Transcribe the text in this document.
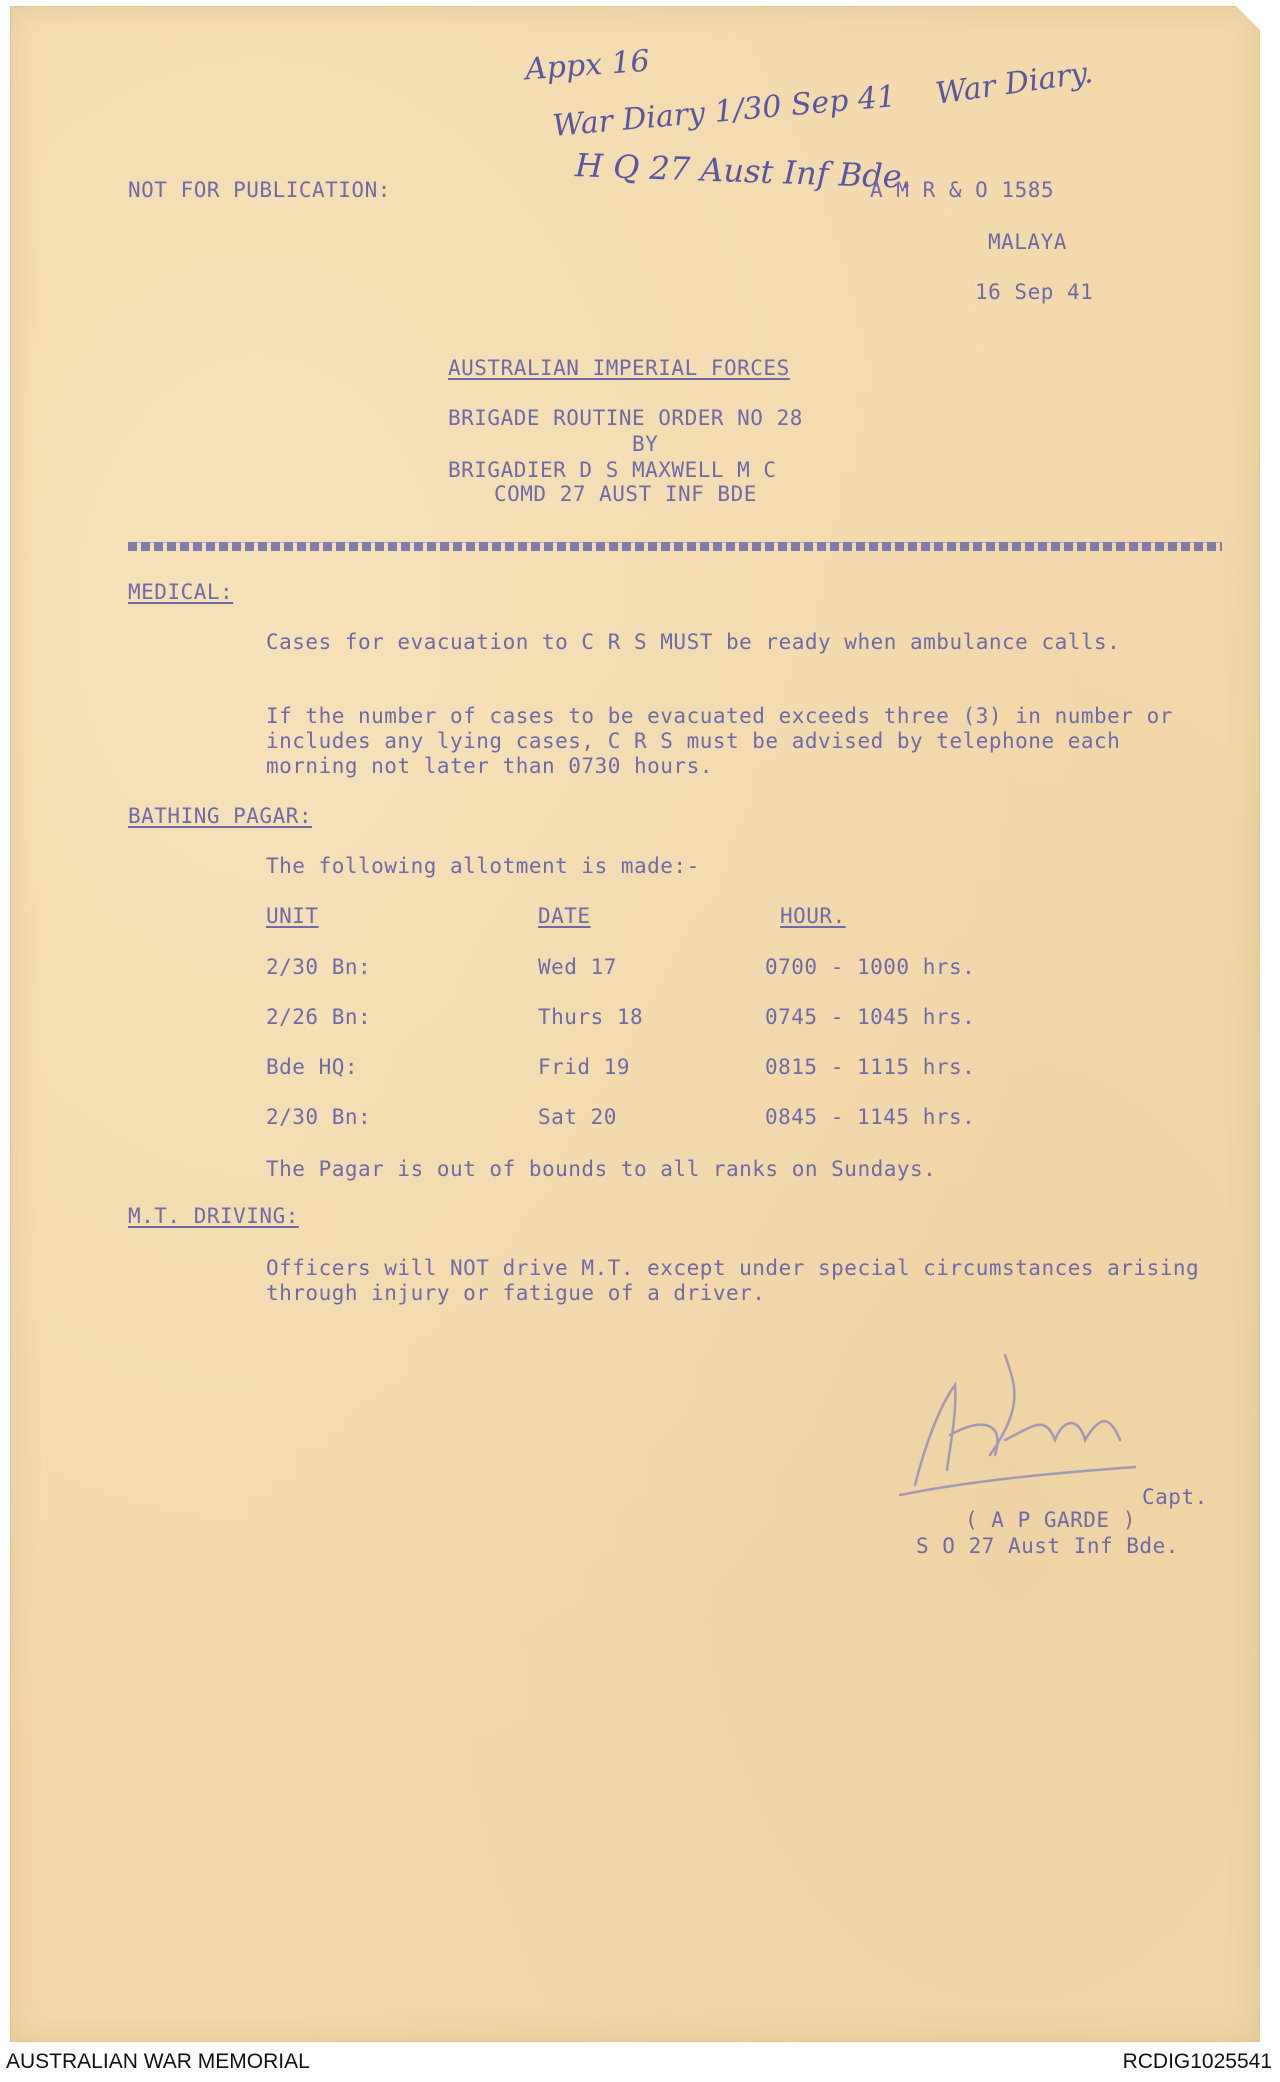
Appx 16
War Diary 1/30 Sep 41 War Diary.
H Q 27 Aust Inf Bde.
NOT FOR PUBLICATION:	A M R & O 1585
MALAYA
16 Sep 41
AUSTRALIAN IMPERIAL FORCES
BRIGADE ROUTINE ORDER NO 28
BY
BRIGADIER D S MAXWELL M C
COMD 27 AUST INF BDE
MEDICAL:
Cases for evacuation to C R S MUST be ready when ambulance calls.
If the number of cases to be evacuated exceeds three (3) in number or includes any lying cases, C R S must be advised by telephone each morning not later than 0730 hours.
BATHING PAGAR:
The following allotment is made:-
UNIT	DATE	HOUR.
2/30 Bn:	Wed 17	0700 - 1000 hrs.
2/26 Bn:	Thurs 18	0745 - 1045 hrs.
Bde HQ:	Frid 19	0815 - 1115 hrs.
2/30 Bn:	Sat 20	0845 - 1145 hrs.
The Pagar is out of bounds to all ranks on Sundays.
M.T. DRIVING:
Officers will NOT drive M.T. except under special circumstances arising through injury or fatigue of a driver.
Capt.
( A P GARDE )
S O 27 Aust Inf Bde.
AUSTRALIAN WAR MEMORIAL	RCDIG1025541
